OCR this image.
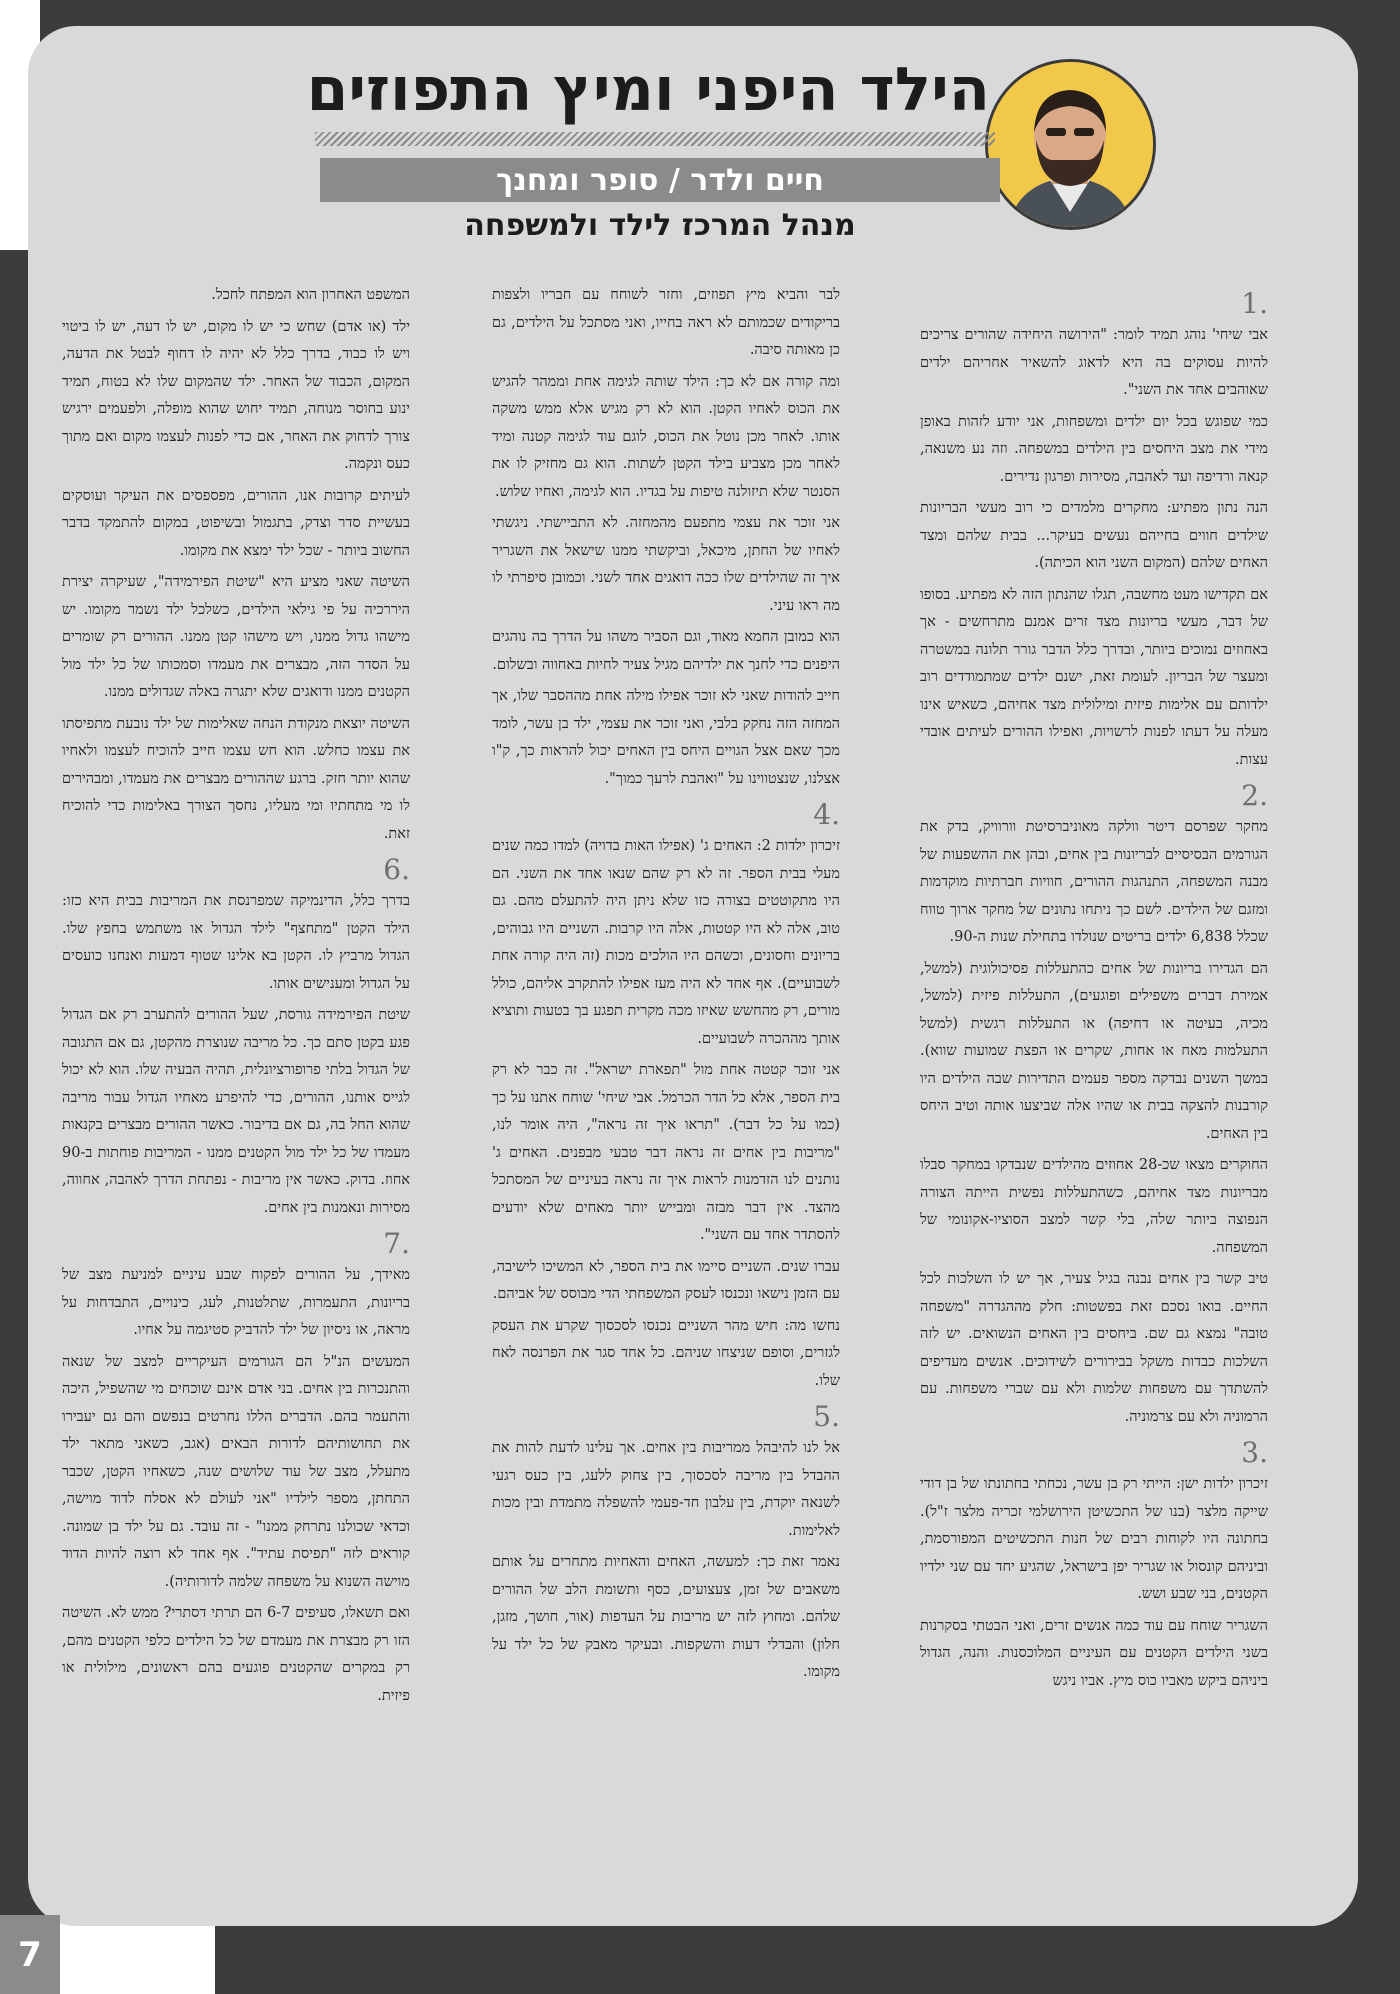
הילד היפני ומיץ התפוזים
חיים ולדר / סופר ומחנך
מנהל המרכז לילד ולמשפחה
1.

אבי שיחי' נוהג תמיד לומר: "הירושה היחידה שהורים צריכים להיות עסוקים בה היא לדאוג להשאיר אחריהם ילדים שאוהבים אחד את השני".

כמי שפוגש בכל יום ילדים ומשפחות, אני יודע לזהות באופן מידי את מצב היחסים בין הילדים במשפחה. וזה נע משנאה, קנאה ורדיפה ועד לאהבה, מסירות ופרגון נדירים.

הנה נתון מפתיע: מחקרים מלמדים כי רוב מעשי הבריונות שילדים חווים בחייהם נעשים בעיקר... בבית שלהם ומצד האחים שלהם (המקום השני הוא הכיתה).

אם תקדישו מעט מחשבה, תגלו שהנתון הזה לא מפתיע. בסופו של דבר, מעשי בריונות מצד זרים אמנם מתרחשים - אך באחוזים נמוכים ביותר, ובדרך כלל הדבר גורר תלונה במשטרה ומעצר של הבריון. לעומת זאת, ישנם ילדים שמתמודדים רוב ילדותם עם אלימות פיזית ומילולית מצד אחיהם, כשאיש אינו מעלה על דעתו לפנות לרשויות, ואפילו ההורים לעיתים אובדי עצות.

2.

מחקר שפרסם דיטר וולקה מאוניברסיטת וורוויק, בדק את הגורמים הבסיסיים לבריונות בין אחים, ובהן את ההשפעות של מבנה המשפחה, התנהגות ההורים, חוויות חברתיות מוקדמות ומזגם של הילדים. לשם כך ניתחו נתונים של מחקר ארוך טווח שכלל 6,838 ילדים בריטים שנולדו בתחילת שנות ה-90.

הם הגדירו בריונות של אחים כהתעללות פסיכולוגית (למשל, אמירת דברים משפילים ופוגעים), התעללות פיזית (למשל, מכיה, בעיטה או דחיפה) או התעללות רגשית (למשל התעלמות מאח או אחות, שקרים או הפצת שמועות שווא). במשך השנים נבדקה מספר פעמים התדירות שבה הילדים היו קורבנות להצקה בבית או שהיו אלה שביצעו אותה וטיב היחס בין האחים.

החוקרים מצאו שכ-28 אחוזים מהילדים שנבדקו במחקר סבלו מבריונות מצד אחיהם, כשהתעללות נפשית הייתה הצורה הנפוצה ביותר שלה, בלי קשר למצב הסוציו-אקונומי של המשפחה.

טיב קשר בין אחים נבנה בגיל צעיר, אך יש לו השלכות לכל החיים. בואו נסכם זאת בפשטות: חלק מההגדרה "משפחה טובה" נמצא גם שם. ביחסים בין האחים הנשואים. יש לזה השלכות כבדות משקל בבירורים לשידוכים. אנשים מעדיפים להשתדך עם משפחות שלמות ולא עם שברי משפחות. עם הרמוניה ולא עם צרמוניה.

3.

זיכרון ילדות ישן: הייתי רק בן עשר, נכחתי בחתונתו של בן דודי שייקה מלצר (בנו של התכשיטן הירושלמי זכריה מלצר ז"ל). בחתונה היו לקוחות רבים של חנות התכשיטים המפורסמת, וביניהם קונסול או שגריר יפן בישראל, שהגיע יחד עם שני ילדיו הקטנים, בני שבע ושש.

השגריר שוחח עם עוד כמה אנשים זרים, ואני הבטתי בסקרנות בשני הילדים הקטנים עם העיניים המלוכסנות. והנה, הגדול ביניהם ביקש מאביו כוס מיץ. אביו ניגש

לבר והביא מיץ תפוזים, וחזר לשוחח עם חבריו ולצפות בריקודים שכמותם לא ראה בחייו, ואני מסתכל על הילדים, גם כן מאותה סיבה.

ומה קורה אם לא כך: הילד שותה לגימה אחת וממהר להגיש את הכוס לאחיו הקטן. הוא לא רק מגיש אלא ממש משקה אותו. לאחר מכן נוטל את הכוס, לוגם עוד לגימה קטנה ומיד לאחר מכן מצביע בילד הקטן לשתות. הוא גם מחזיק לו את הסנטר שלא תיזולנה טיפות על בגדיו. הוא לגימה, ואחיו שלוש.

אני זוכר את עצמי מתפעם מהמחזה. לא התביישתי. ניגשתי לאחיו של החתן, מיכאל, וביקשתי ממנו שישאל את השגריר איך זה שהילדים שלו ככה דואגים אחד לשני. וכמובן סיפרתי לו מה ראו עיני.

הוא כמובן החמא מאוד, וגם הסביר משהו על הדרך בה נוהגים היפנים כדי לחנך את ילדיהם מגיל צעיר לחיות באחווה ובשלום.

חייב להודות שאני לא זוכר אפילו מילה אחת מההסבר שלו, אך המחזה הזה נחקק בלבי, ואני זוכר את עצמי, ילד בן עשר, לומד מכך שאם אצל הגויים היחס בין האחים יכול להראות כך, ק"ו אצלנו, שנצטווינו על "ואהבת לרעך כמוך".

4.

זיכרון ילדות 2: האחים ג' (אפילו האות בדויה) למדו כמה שנים מעלי בבית הספר. זה לא רק שהם שנאו אחד את השני. הם היו מתקוטטים בצורה כזו שלא ניתן היה להתעלם מהם. גם טוב, אלה לא היו קטטות, אלה היו קרבות. השניים היו גבוהים, בריונים וחסונים, וכשהם היו הולכים מכות (זה היה קורה אחת לשבועיים). אף אחד לא היה מעז אפילו להתקרב אליהם, כולל מורים, רק מהחשש שאיזו מכה מקרית תפגע בך בטעות ותוציא אותך מההכרה לשבועיים.

אני זוכר קטטה אחת מול "תפארת ישראל". זה כבר לא רק בית הספר, אלא כל הדר הכרמל. אבי שיחי' שוחח אתנו על כך (כמו על כל דבר). "תראו איך זה נראה", היה אומר לנו, "מריבות בין אחים זה נראה דבר טבעי מבפנים. האחים ג' נותנים לנו הזדמנות לראות איך זה נראה בעיניים של המסתכל מהצד. אין דבר מבזה ומבייש יותר מאחים שלא יודעים להסתדר אחד עם השני".

עברו שנים. השניים סיימו את בית הספר, לא המשיכו לישיבה, עם הזמן נישאו ונכנסו לעסק המשפחתי הדי מבוסס של אביהם.

נחשו מה: חיש מהר השניים נכנסו לסכסוך שקרע את העסק לגזרים, וסופם שניצחו שניהם. כל אחד סגר את הפרנסה לאח שלו.

5.

אל לנו להיבהל ממריבות בין אחים. אך עלינו לדעת להות את ההבדל בין מריבה לסכסוך, בין צחוק ללעג, בין כעס רגעי לשנאה יוקדת, בין עלבון חד-פעמי להשפלה מתמדת ובין מכות לאלימות.

נאמר זאת כך: למעשה, האחים והאחיות מתחרים על אותם משאבים של זמן, צעצועים, כסף ותשומת הלב של ההורים שלהם. ומחוץ לזה יש מריבות על העדפות (אור, חושך, מזגן, חלון) והבדלי דעות והשקפות. ובעיקר מאבק של כל ילד על מקומו.

המשפט האחרון הוא המפתח לחכל.

ילד (או אדם) שחש כי יש לו מקום, יש לו דעה, יש לו ביטוי ויש לו כבוד, בדרך כלל לא יהיה לו דחוף לבטל את הדעה, המקום, הכבוד של האחר. ילד שהמקום שלו לא בטוח, תמיד ינוע בחוסר מנוחה, תמיד יחוש שהוא מופלה, ולפעמים ירגיש צורך לדחוק את האחר, אם כדי לפנות לעצמו מקום ואם מתוך כעס ונקמה.

לעיתים קרובות אנו, ההורים, מפספסים את העיקר ועוסקים בעשיית סדר וצדק, בתגמול ובשיפוט, במקום להתמקד בדבר החשוב ביותר - שכל ילד ימצא את מקומו.

השיטה שאני מציע היא "שיטת הפירמידה", שעיקרה יצירת היררכיה על פי גילאי הילדים, כשלכל ילד נשמר מקומו. יש מישהו גדול ממנו, ויש מישהו קטן ממנו. ההורים רק שומרים על הסדר הזה, מבצרים את מעמדו וסמכותו של כל ילד מול הקטנים ממנו ודואגים שלא יתגרה באלה שגדולים ממנו.

השיטה יוצאת מנקודת הנחה שאלימות של ילד נובעת מתפיסתו את עצמו כחלש. הוא חש עצמו חייב להוכיח לעצמו ולאחיו שהוא יותר חזק. ברגע שההורים מבצרים את מעמדו, ומבהירים לו מי מתחתיו ומי מעליו, נחסך הצורך באלימות כדי להוכיח זאת.

6.

בדרך כלל, הדינמיקה שמפרנסת את המריבות בבית היא כזו: הילד הקטן "מתחצף" לילד הגדול או משתמש בחפץ שלו. הגדול מרביץ לו. הקטן בא אלינו שטוף דמעות ואנחנו כועסים על הגדול ומענישים אותו.

שיטת הפירמידה גורסת, שעל ההורים להתערב רק אם הגדול פגע בקטן סתם כך. כל מריבה שנוצרת מהקטן, גם אם התגובה של הגדול בלתי פרופורציונלית, תהיה הבעיה שלו. הוא לא יכול לגייס אותנו, ההורים, כדי להיפרע מאחיו הגדול עבור מריבה שהוא החל בה, גם אם בדיבור. כאשר ההורים מבצרים בקנאות מעמדו של כל ילד מול הקטנים ממנו - המריבות פוחתות ב-90 אחוז. בדוק. כאשר אין מריבות - נפתחת הדרך לאהבה, אחווה, מסירות ונאמנות בין אחים.

7.

מאידך, על ההורים לפקוח שבע עיניים למניעת מצב של בריונות, התעמרות, שתלטנות, לעג, כינויים, התבדחות על מראה, או ניסיון של ילד להדביק סטיגמה על אחיו.

המעשים הנ"ל הם הגורמים העיקריים למצב של שנאה והתנכרות בין אחים. בני אדם אינם שוכחים מי שהשפיל, היכה והתעמר בהם. הדברים הללו נחרטים בנפשם והם גם יעבירו את תחושותיהם לדורות הבאים (אגב, כשאני מתאר ילד מתעלל, מצב של עוד שלושים שנה, כשאחיו הקטן, שכבר התחתן, מספר לילדיו "אני לעולם לא אסלח לדוד מוישה, וכדאי שכולנו נתרחק ממנו" - זה עובד. גם על ילד בן שמונה. קוראים לזה "תפיסת עתיד". אף אחד לא רוצה להיות הדוד מוישה השנוא על משפחה שלמה לדורותיה).

ואם תשאלו, סעיפים 6-7 הם תרתי דסתרי? ממש לא. השיטה הזו רק מבצרת את מעמדם של כל הילדים כלפי הקטנים מהם, רק במקרים שהקטנים פוגעים בהם ראשונים, מילולית או פיזית.

7
